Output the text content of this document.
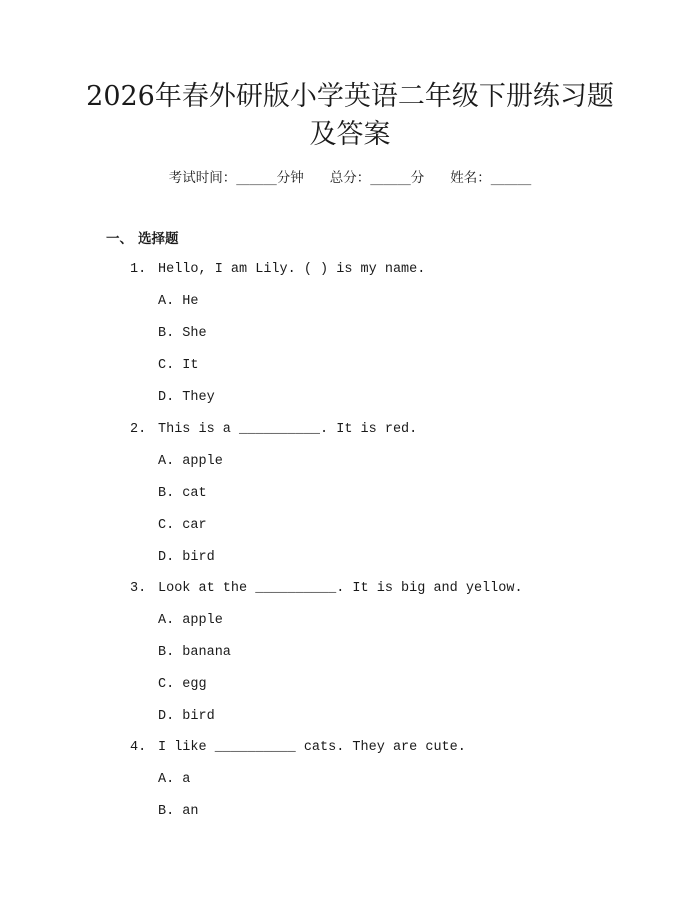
2026年春外研版小学英语二年级下册练习题
及答案
考试时间：______分钟 总分：______分 姓名：______
一、 选择题
1. Hello, I am Lily. ( ) is my name.
A. He
B. She
C. It
D. They
2. This is a __________. It is red.
A. apple
B. cat
C. car
D. bird
3. Look at the __________. It is big and yellow.
A. apple
B. banana
C. egg
D. bird
4. I like __________ cats. They are cute.
A. a
B. an
